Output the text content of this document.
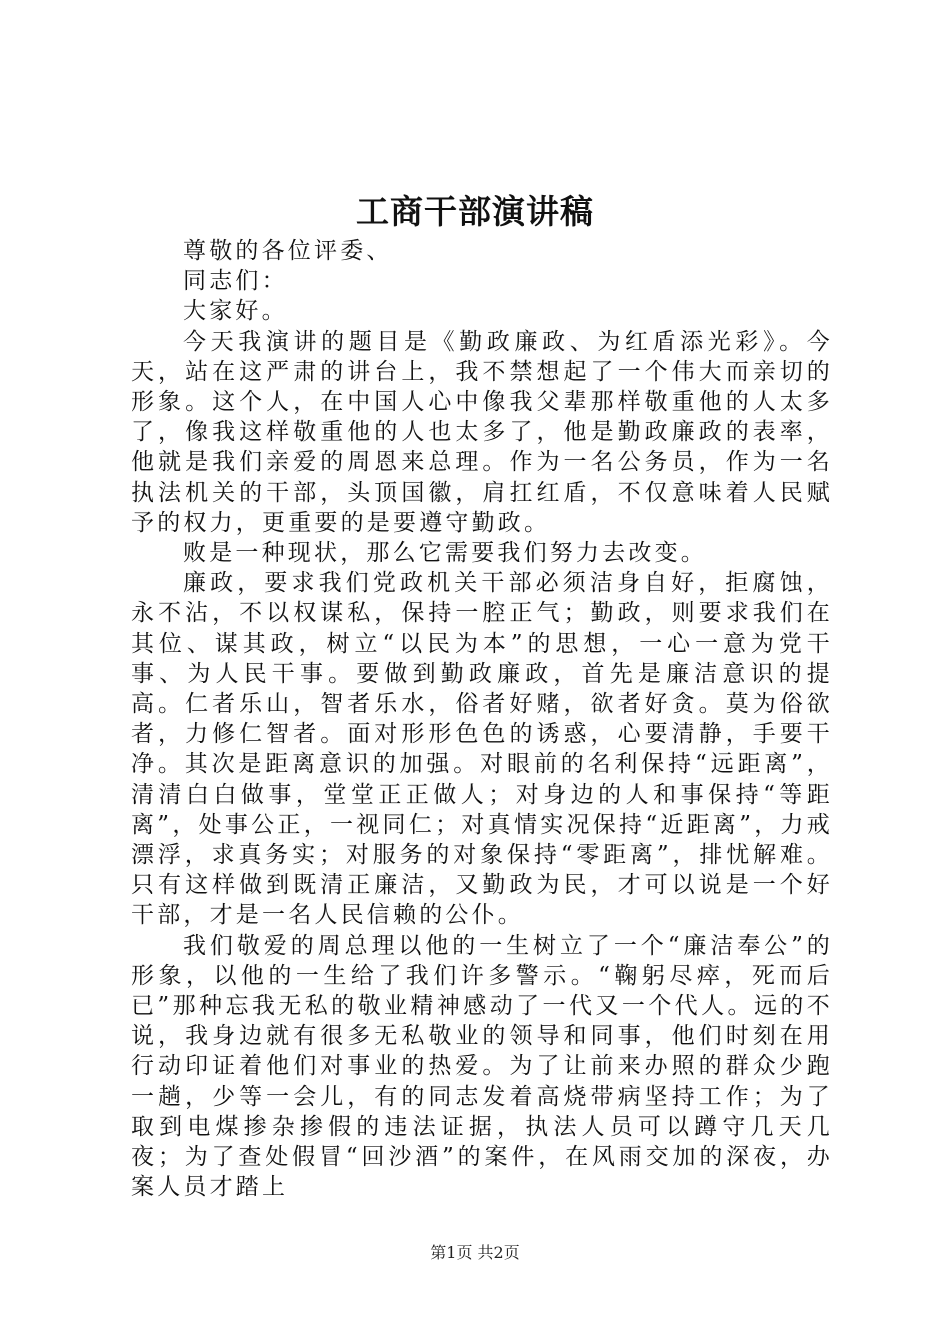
工商干部演讲稿

尊敬的各位评委、

同志们：

大家好。

今天我演讲的题目是《勤政廉政、为红盾添光彩》。今天，站在这严肃的讲台上，我不禁想起了一个伟大而亲切的形象。这个人，在中国人心中像我父辈那样敬重他的人太多了，像我这样敬重他的人也太多了，他是勤政廉政的表率，他就是我们亲爱的周恩来总理。作为一名公务员，作为一名执法机关的干部，头顶国徽，肩扛红盾，不仅意味着人民赋予的权力，更重要的是要遵守勤政。

败是一种现状，那么它需要我们努力去改变。

廉政，要求我们党政机关干部必须洁身自好，拒腐蚀，永不沾，不以权谋私，保持一腔正气；勤政，则要求我们在其位、谋其政，树立“以民为本”的思想，一心一意为党干事、为人民干事。要做到勤政廉政，首先是廉洁意识的提高。仁者乐山，智者乐水，俗者好赌，欲者好贪。莫为俗欲者，力修仁智者。面对形形色色的诱惑，心要清静，手要干净。其次是距离意识的加强。对眼前的名利保持“远距离”，清清白白做事，堂堂正正做人；对身边的人和事保持“等距离”，处事公正，一视同仁；对真情实况保持“近距离”，力戒漂浮，求真务实；对服务的对象保持“零距离”，排忧解难。只有这样做到既清正廉洁，又勤政为民，才可以说是一个好干部，才是一名人民信赖的公仆。

我们敬爱的周总理以他的一生树立了一个“廉洁奉公”的形象，以他的一生给了我们许多警示。“鞠躬尽瘁，死而后已”那种忘我无私的敬业精神感动了一代又一个代人。远的不说，我身边就有很多无私敬业的领导和同事，他们时刻在用行动印证着他们对事业的热爱。为了让前来办照的群众少跑一趟，少等一会儿，有的同志发着高烧带病坚持工作；为了取到电煤掺杂掺假的违法证据，执法人员可以蹲守几天几夜；为了查处假冒“回沙酒”的案件，在风雨交加的深夜，办案人员才踏上

第1页 共2页
